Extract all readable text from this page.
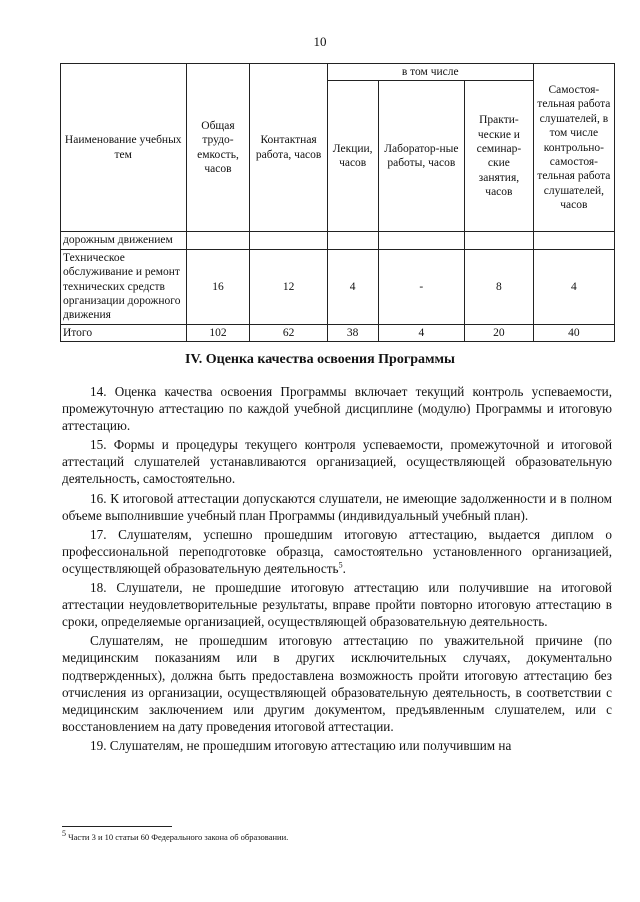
10
Наименование учебных тем	Общая трудо-емкость, часов	Контактная работа, часов	в том числе			Самостоя-тельная работа слушателей, в том числе контрольно-самостоя-тельная работа слушателей, часов
			Лекции, часов	Лаборатор-ные работы, часов	Практи-ческие и семинар-ские занятия, часов	
дорожным движением						
Техническое обслуживание и ремонт технических средств организации дорожного движения	16	12	4	-	8	4
Итого	102	62	38	4	20	40
IV. Оценка качества освоения Программы

14. Оценка качества освоения Программы включает текущий контроль успеваемости, промежуточную аттестацию по каждой учебной дисциплине (модулю) Программы и итоговую аттестацию.

15. Формы и процедуры текущего контроля успеваемости, промежуточной и итоговой аттестаций слушателей устанавливаются организацией, осуществляющей образовательную деятельность, самостоятельно.

16. К итоговой аттестации допускаются слушатели, не имеющие задолженности и в полном объеме выполнившие учебный план Программы (индивидуальный учебный план).

17. Слушателям, успешно прошедшим итоговую аттестацию, выдается диплом о профессиональной переподготовке образца, самостоятельно установленного организацией, осуществляющей образовательную деятельность$^5$.

18. Слушатели, не прошедшие итоговую аттестацию или получившие на итоговой аттестации неудовлетворительные результаты, вправе пройти повторно итоговую аттестацию в сроки, определяемые организацией, осуществляющей образовательную деятельность.

Слушателям, не прошедшим итоговую аттестацию по уважительной причине (по медицинским показаниям или в других исключительных случаях, документально подтвержденных), должна быть предоставлена возможность пройти итоговую аттестацию без отчисления из организации, осуществляющей образовательную деятельность, в соответствии с медицинским заключением или другим документом, предъявленным слушателем, или с восстановлением на дату проведения итоговой аттестации.

19. Слушателям, не прошедшим итоговую аттестацию или получившим на

$^5$ Части 3 и 10 статьи 60 Федерального закона об образовании.
